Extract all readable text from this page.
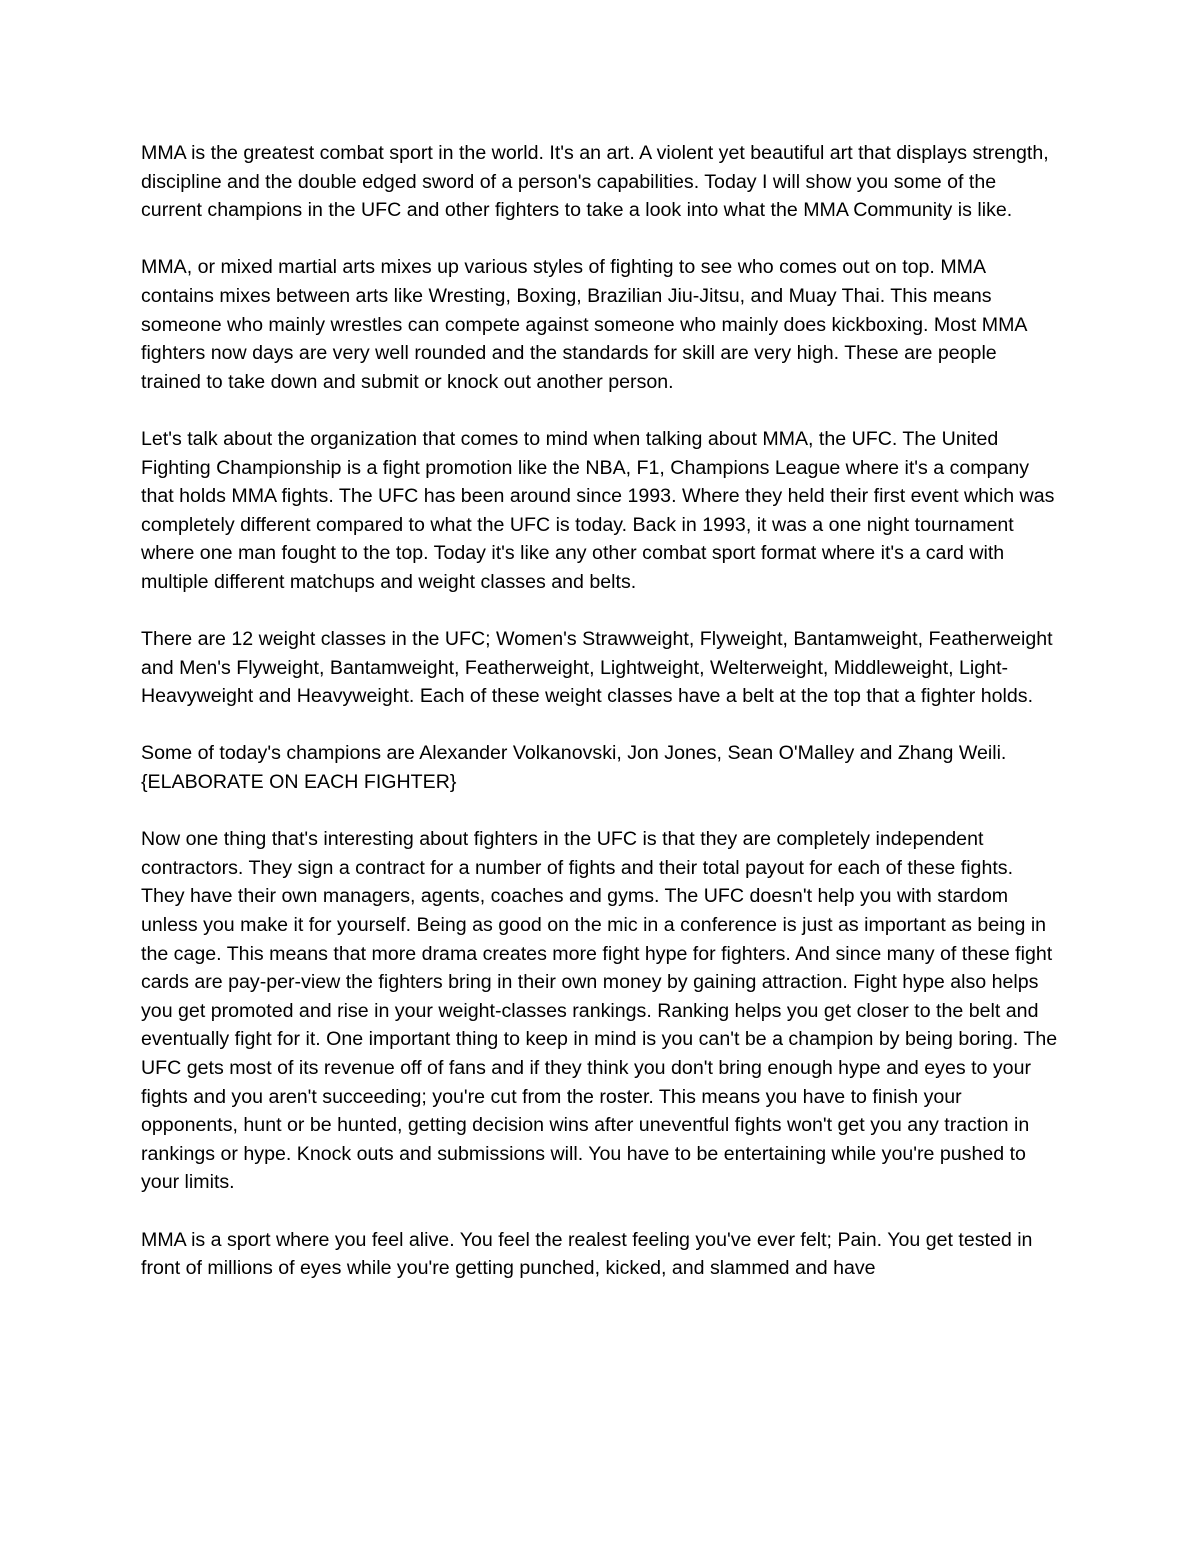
MMA is the greatest combat sport in the world. It's an art. A violent yet beautiful art that displays strength, discipline and the double edged sword of a person's capabilities. Today I will show you some of the current champions in the UFC and other fighters to take a look into what the MMA Community is like.

MMA, or mixed martial arts mixes up various styles of fighting to see who comes out on top. MMA contains mixes between arts like Wresting, Boxing, Brazilian Jiu-Jitsu, and Muay Thai. This means someone who mainly wrestles can compete against someone who mainly does kickboxing. Most MMA fighters now days are very well rounded and the standards for skill are very high. These are people trained to take down and submit or knock out another person.

Let's talk about the organization that comes to mind when talking about MMA, the UFC. The United Fighting Championship is a fight promotion like the NBA, F1, Champions League where it's a company that holds MMA fights. The UFC has been around since 1993. Where they held their first event which was completely different compared to what the UFC is today. Back in 1993, it was a one night tournament where one man fought to the top. Today it's like any other combat sport format where it's a card with multiple different matchups and weight classes and belts.

There are 12 weight classes in the UFC; Women's Strawweight, Flyweight, Bantamweight, Featherweight and Men's Flyweight, Bantamweight, Featherweight, Lightweight, Welterweight, Middleweight, Light-Heavyweight and Heavyweight. Each of these weight classes have a belt at the top that a fighter holds.

Some of today's champions are Alexander Volkanovski, Jon Jones, Sean O'Malley and Zhang Weili. {ELABORATE ON EACH FIGHTER}

Now one thing that's interesting about fighters in the UFC is that they are completely independent contractors. They sign a contract for a number of fights and their total payout for each of these fights. They have their own managers, agents, coaches and gyms. The UFC doesn't help you with stardom unless you make it for yourself. Being as good on the mic in a conference is just as important as being in the cage. This means that more drama creates more fight hype for fighters. And since many of these fight cards are pay-per-view the fighters bring in their own money by gaining attraction. Fight hype also helps you get promoted and rise in your weight-classes rankings. Ranking helps you get closer to the belt and eventually fight for it. One important thing to keep in mind is you can't be a champion by being boring. The UFC gets most of its revenue off of fans and if they think you don't bring enough hype and eyes to your fights and you aren't succeeding; you're cut from the roster. This means you have to finish your opponents, hunt or be hunted, getting decision wins after uneventful fights won't get you any traction in rankings or hype. Knock outs and submissions will. You have to be entertaining while you're pushed to your limits.

MMA is a sport where you feel alive. You feel the realest feeling you've ever felt; Pain. You get tested in front of millions of eyes while you're getting punched, kicked, and slammed and have
